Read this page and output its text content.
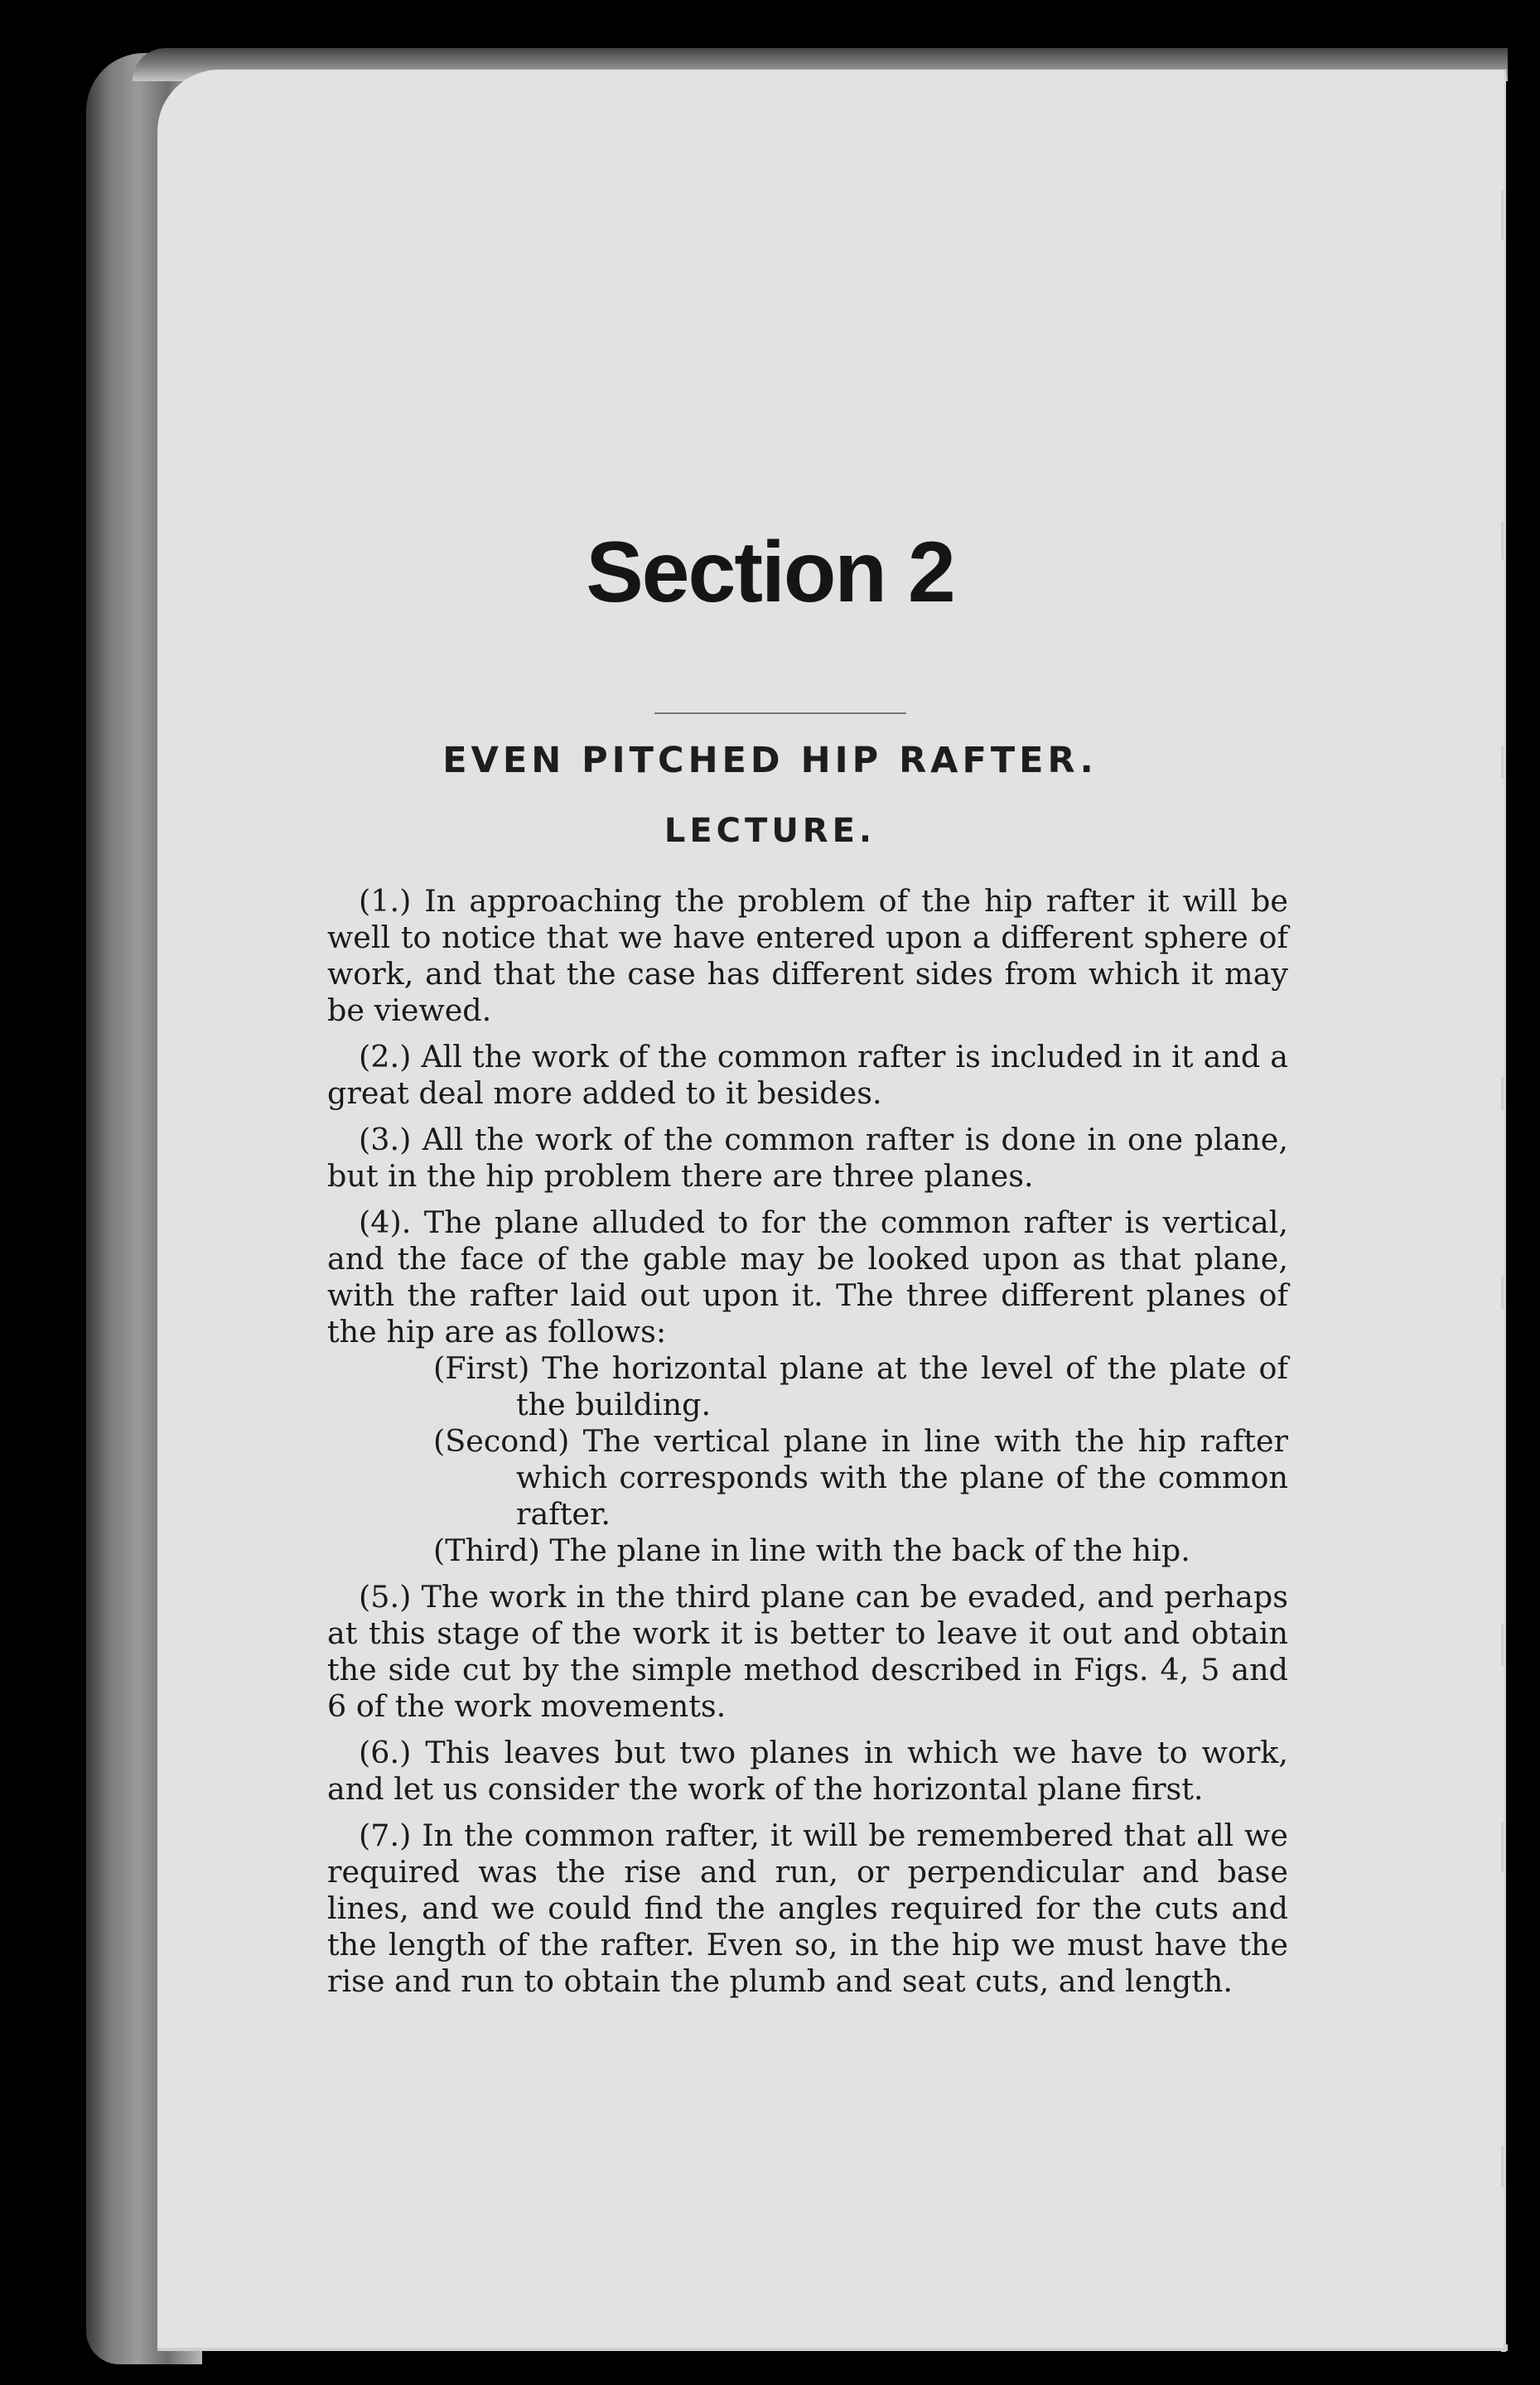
Section 2
EVEN PITCHED HIP RAFTER.
LECTURE.

(1.) In approaching the problem of the hip rafter it will be well to notice that we have entered upon a different sphere of work, and that the case has different sides from which it may be viewed.

(2.) All the work of the common rafter is included in it and a great deal more added to it besides.

(3.) All the work of the common rafter is done in one plane, but in the hip problem there are three planes.

(4). The plane alluded to for the common rafter is vertical, and the face of the gable may be looked upon as that plane, with the rafter laid out upon it. The three different planes of the hip are as follows:

(First) The horizontal plane at the level of the plate of the building.

(Second) The vertical plane in line with the hip rafter which corresponds with the plane of the common rafter.

(Third) The plane in line with the back of the hip.

(5.) The work in the third plane can be evaded, and perhaps at this stage of the work it is better to leave it out and obtain the side cut by the simple method described in Figs. 4, 5 and 6 of the work movements.

(6.) This leaves but two planes in which we have to work, and let us consider the work of the horizontal plane first.

(7.) In the common rafter, it will be remembered that all we required was the rise and run, or perpendicular and base lines, and we could find the angles required for the cuts and the length of the rafter. Even so, in the hip we must have the rise and run to obtain the plumb and seat cuts, and length.
